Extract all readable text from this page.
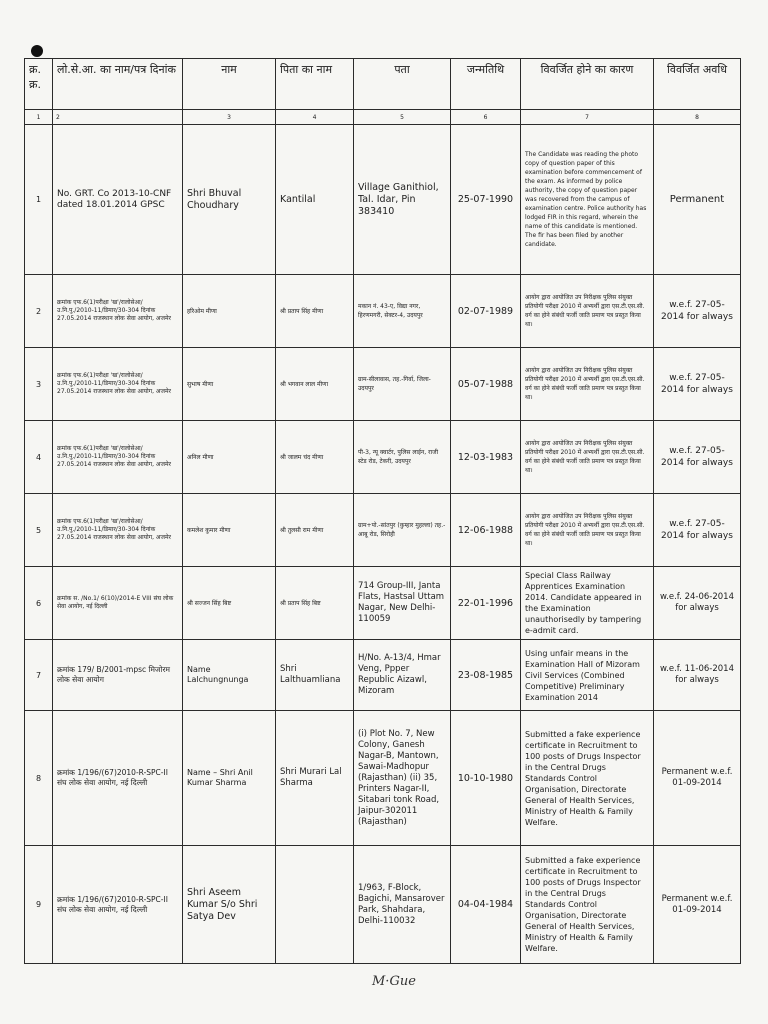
क्र. क्र.	लो.से.आ. का नाम/पत्र दिनांक	नाम	पिता का नाम	पता	जन्मतिथि	विवर्जित होने का कारण	विवर्जित अवधि
1	2	3	4	5	6	7	8
1	No. GRT. Co 2013-10-CNF dated 18.01.2014 GPSC	Shri Bhuval Choudhary	Kantilal	Village Ganithiol, Tal. Idar, Pin 383410	25-07-1990	The Candidate was reading the photo copy of question paper of this examination before commencement of the exam. As informed by police authority, the copy of question paper was recovered from the campus of examination centre. Police authority has lodged FIR in this regard, wherein the name of this candidate is mentioned. The fir has been filed by another candidate.	Permanent
2	क्रमांक एफ.6(1)परीक्षा 'ख'/रालोसेआ/उ.नि.पु./2010-11/डिमार/30-304 दिनांक 27.05.2014 राजस्थान लोक सेवा आयोग, अजमेर	हरिओम मीणा	श्री प्रताप सिंह मीणा	मकान नं. 43-ए, विद्या नगर, हिरणमगरी, सेक्टर-4, उदयपुर	02-07-1989	आयोग द्वारा आयोजित उप निरीक्षक पुलिस संयुक्त प्रतियोगी परीक्षा 2010 में अभ्यर्थी द्वारा एस.टी.एस.सी. वर्ग का होने संबंधी फर्जी जाति प्रमाण पत्र प्रस्तुत किया था।	w.e.f. 27-05-2014 for always
3	क्रमांक एफ.6(1)परीक्षा 'ख'/रालोसेआ/उ.नि.पु./2010-11/डिमार/30-304 दिनांक 27.05.2014 राजस्थान लोक सेवा आयोग, अजमेर	सुभाष मीणा	श्री भगवान लाल मीणा	ग्राम-सीलावास, तह.-गिर्वा, जिला-उदयपुर	05-07-1988	आयोग द्वारा आयोजित उप निरीक्षक पुलिस संयुक्त प्रतियोगी परीक्षा 2010 में अभ्यर्थी द्वारा एस.टी.एस.सी. वर्ग का होने संबंधी फर्जी जाति प्रमाण पत्र प्रस्तुत किया था।	w.e.f. 27-05-2014 for always
4	क्रमांक एफ.6(1)परीक्षा 'ख'/रालोसेआ/उ.नि.पु./2010-11/डिमार/30-304 दिनांक 27.05.2014 राजस्थान लोक सेवा आयोग, अजमेर	अनिल मीणा	श्री जालम चंद मीणा	पी-3, न्यू क्वार्टर, पुलिस लाईन, राजी स्टेड रोड, टेकरी, उदयपुर	12-03-1983	आयोग द्वारा आयोजित उप निरीक्षक पुलिस संयुक्त प्रतियोगी परीक्षा 2010 में अभ्यर्थी द्वारा एस.टी.एस.सी. वर्ग का होने संबंधी फर्जी जाति प्रमाण पत्र प्रस्तुत किया था।	w.e.f. 27-05-2014 for always
5	क्रमांक एफ.6(1)परीक्षा 'ख'/रालोसेआ/उ.नि.पु./2010-11/डिमार/30-304 दिनांक 27.05.2014 राजस्थान लोक सेवा आयोग, अजमेर	कमलेश कुमार मीणा	श्री तुलसी राम मीणा	ग्राम+पो.-सांतपुर (कुम्हार मुहल्ला) तह.-आबू रोड, सिरोही	12-06-1988	आयोग द्वारा आयोजित उप निरीक्षक पुलिस संयुक्त प्रतियोगी परीक्षा 2010 में अभ्यर्थी द्वारा एस.टी.एस.सी. वर्ग का होने संबंधी फर्जी जाति प्रमाण पत्र प्रस्तुत किया था।	w.e.f. 27-05-2014 for always
6	क्रमांक स. /No.1/ 6(10)/2014-E VIII संघ लोक सेवा आयोग, नई दिल्ली	श्री सज्जन सिंह बिष्ट	श्री प्रताप सिंह बिष्ट	714 Group-III, Janta Flats, Hastsal Uttam Nagar, New Delhi-110059	22-01-1996	Special Class Railway Apprentices Examination 2014. Candidate appeared in the Examination unauthorisedly by tampering e-admit card.	w.e.f. 24-06-2014 for always
7	क्रमांक 179/ B/2001-mpsc मिजोरम लोक सेवा आयोग	Name Lalchungnunga	Shri Lalthuamliana	H/No. A-13/4, Hmar Veng, Ppper Republic Aizawl, Mizoram	23-08-1985	Using unfair means in the Examination Hall of Mizoram Civil Services (Combined Competitive) Preliminary Examination 2014	w.e.f. 11-06-2014 for always
8	क्रमांक 1/196/(67)2010-R-SPC-II संघ लोक सेवा आयोग, नई दिल्ली	Name – Shri Anil Kumar Sharma	Shri Murari Lal Sharma	(i) Plot No. 7, New Colony, Ganesh Nagar-B, Mantown, Sawai-Madhopur (Rajasthan) (ii) 35, Printers Nagar-II, Sitabari tonk Road, Jaipur-302011 (Rajasthan)	10-10-1980	Submitted a fake experience certificate in Recruitment to 100 posts of Drugs Inspector in the Central Drugs Standards Control Organisation, Directorate General of Health Services, Ministry of Health & Family Welfare.	Permanent w.e.f. 01-09-2014
9	क्रमांक 1/196/(67)2010-R-SPC-II संघ लोक सेवा आयोग, नई दिल्ली	Shri Aseem Kumar S/o Shri Satya Dev		1/963, F-Block, Bagichi, Mansarover Park, Shahdara, Delhi-110032	04-04-1984	Submitted a fake experience certificate in Recruitment to 100 posts of Drugs Inspector in the Central Drugs Standards Control Organisation, Directorate General of Health Services, Ministry of Health & Family Welfare.	Permanent w.e.f. 01-09-2014
M·Gue
